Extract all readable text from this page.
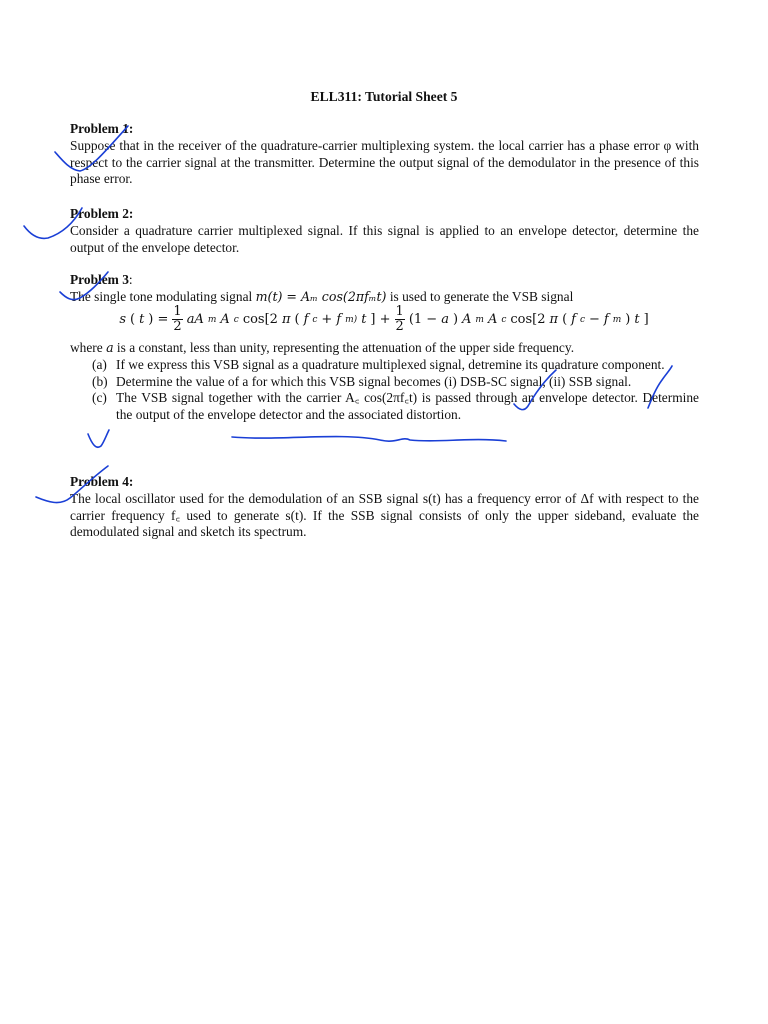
ELL311: Tutorial Sheet 5
Problem 1:
Suppose that in the receiver of the quadrature-carrier multiplexing system. the local carrier has a phase error φ with respect to the carrier signal at the transmitter. Determine the output signal of the demodulator in the presence of this phase error.
Problem 2:
Consider a quadrature carrier multiplexed signal. If this signal is applied to an envelope detector, determine the output of the envelope detector.
Problem 3:
The single tone modulating signal m(t) = Aₘ cos(2πfₘt) is used to generate the VSB signal
s ( t ) = $\frac{1}{2}$ aA m A c cos[2 π ( f c + f m) t ] + $\frac{1}{2} (1 - a$ ) A m A c cos[2 π ( f c − f m ) t ]
where a is a constant, less than unity, representing the attenuation of the upper side frequency.
(a) If we express this VSB signal as a quadrature multiplexed signal, detremine its quadrature component.
(b) Determine the value of a for which this VSB signal becomes (i) DSB-SC signal, (ii) SSB signal.
(c) The VSB signal together with the carrier A꜀ cos(2πf꜀t) is passed through an envelope detector. Determine the output of the envelope detector and the associated distortion.
Problem 4:
The local oscillator used for the demodulation of an SSB signal s(t) has a frequency error of Δf with respect to the carrier frequency f꜀ used to generate s(t). If the SSB signal consists of only the upper sideband, evaluate the demodulated signal and sketch its spectrum.
